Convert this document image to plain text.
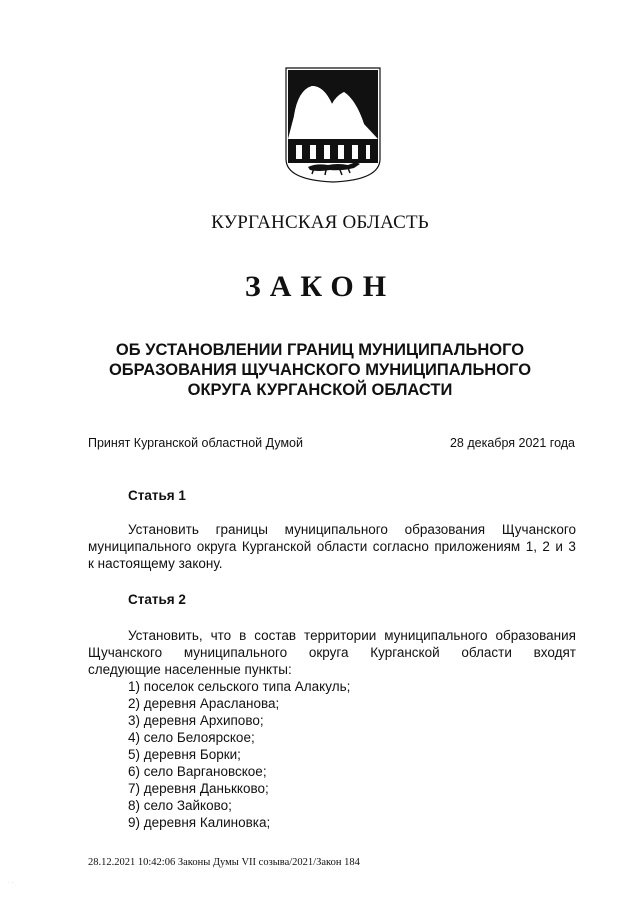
КУРГАНСКАЯ ОБЛАСТЬ
ЗАКОН
ОБ УСТАНОВЛЕНИИ ГРАНИЦ МУНИЦИПАЛЬНОГО
ОБРАЗОВАНИЯ ЩУЧАНСКОГО МУНИЦИПАЛЬНОГО
ОКРУГА КУРГАНСКОЙ ОБЛАСТИ
Принят Курганской областной Думой	28 декабря 2021 года
Статья 1
Установить границы муниципального образования Щучанского
муниципального округа Курганской области согласно приложениям 1, 2 и 3
к настоящему закону.
Статья 2
Установить, что в состав территории муниципального образования
Щучанского муниципального округа Курганской области входят
следующие населенные пункты:
1) поселок сельского типа Алакуль;
2) деревня Арасланова;
3) деревня Архипово;
4) село Белоярское;
5) деревня Борки;
6) село Варгановское;
7) деревня Данькково;
8) село Зайково;
9) деревня Калиновка;
28.12.2021 10:42:06 Законы Думы VII созыва/2021/Закон 184
· ·
